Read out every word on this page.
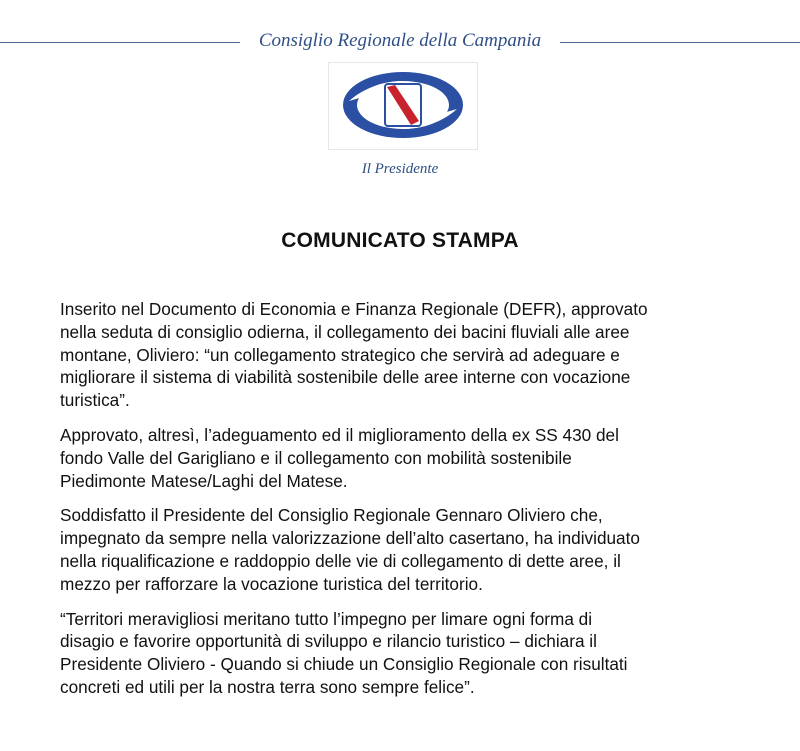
Consiglio Regionale della Campania
Il Presidente
COMUNICATO STAMPA

Inserito nel Documento di Economia e Finanza Regionale (DEFR), approvato
nella seduta di consiglio odierna, il collegamento dei bacini fluviali alle aree
montane, Oliviero: “un collegamento strategico che servirà ad adeguare e
migliorare il sistema di viabilità sostenibile delle aree interne con vocazione
turistica”.

Approvato, altresì, l’adeguamento ed il miglioramento della ex SS 430 del
fondo Valle del Garigliano e il collegamento con mobilità sostenibile
Piedimonte Matese/Laghi del Matese.

Soddisfatto il Presidente del Consiglio Regionale Gennaro Oliviero che,
impegnato da sempre nella valorizzazione dell’alto casertano, ha individuato
nella riqualificazione e raddoppio delle vie di collegamento di dette aree, il
mezzo per rafforzare la vocazione turistica del territorio.

“Territori meravigliosi meritano tutto l’impegno per limare ogni forma di
disagio e favorire opportunità di sviluppo e rilancio turistico – dichiara il
Presidente Oliviero - Quando si chiude un Consiglio Regionale con risultati
concreti ed utili per la nostra terra sono sempre felice”.
